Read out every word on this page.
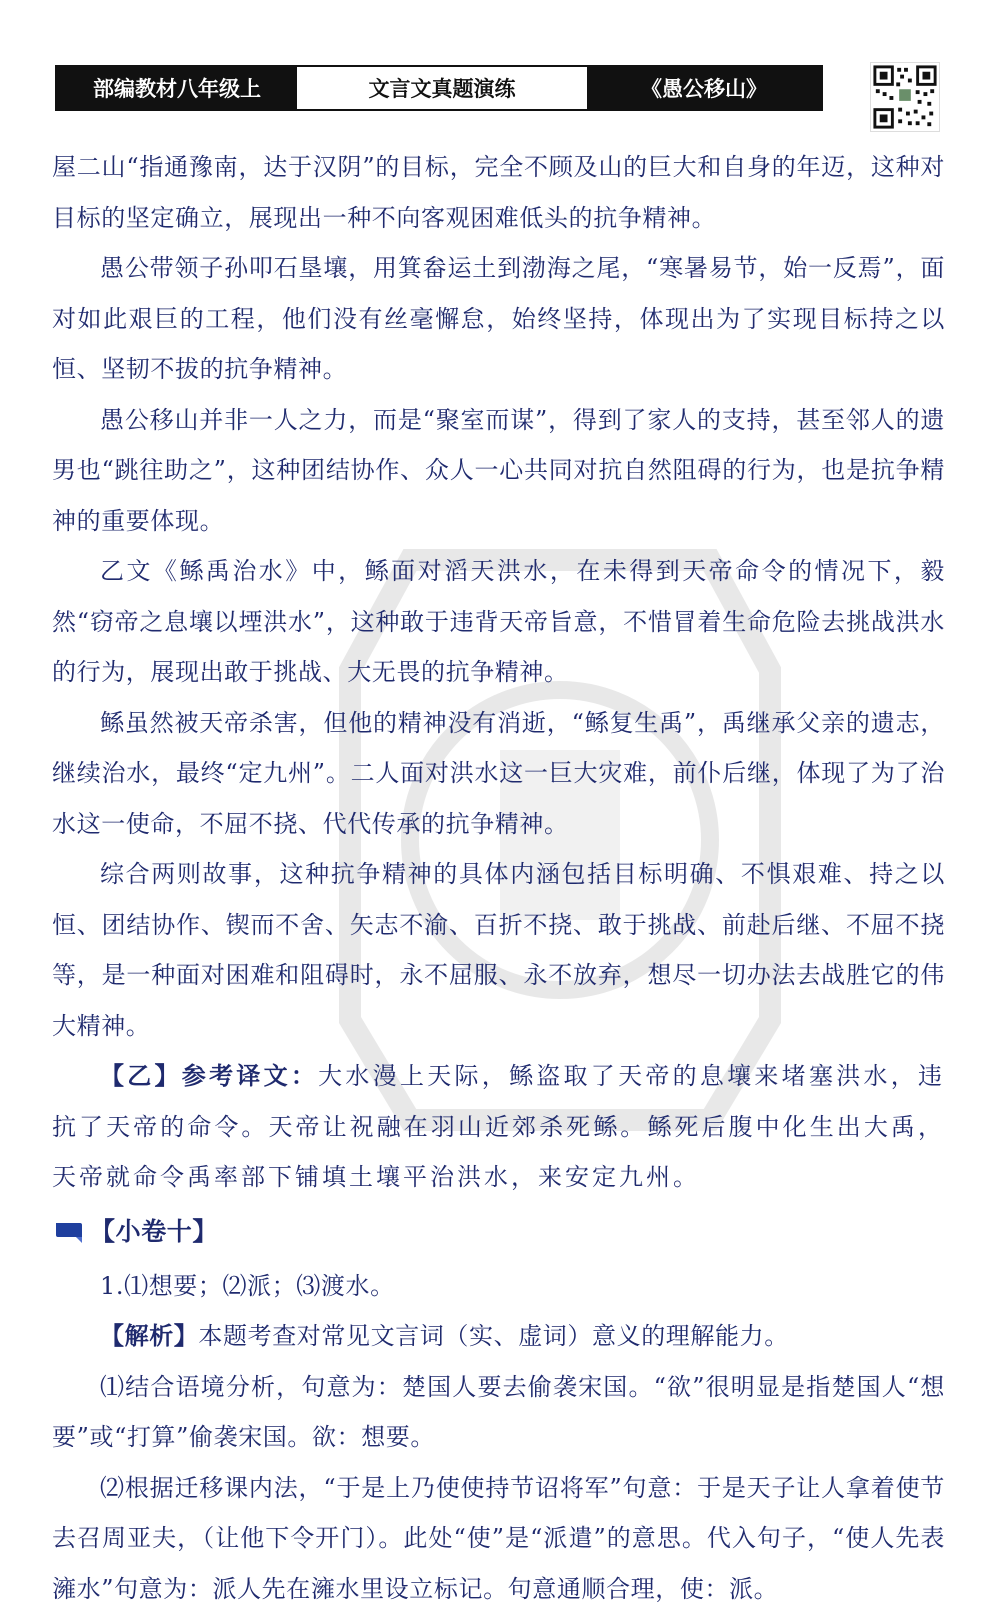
部编教材八年级上	文言文真题演练	《愚公移山》

屋二山“指通豫南，达于汉阴”的目标，完全不顾及山的巨大和自身的年迈，这种对目标的坚定确立，展现出一种不向客观困难低头的抗争精神。

愚公带领子孙叩石垦壤，用箕畚运土到渤海之尾，“寒暑易节，始一反焉”，面对如此艰巨的工程，他们没有丝毫懈怠，始终坚持，体现出为了实现目标持之以恒、坚韧不拔的抗争精神。

愚公移山并非一人之力，而是“聚室而谋”，得到了家人的支持，甚至邻人的遗男也“跳往助之”，这种团结协作、众人一心共同对抗自然阻碍的行为，也是抗争精神的重要体现。

乙文《鲧禹治水》中，鲧面对滔天洪水，在未得到天帝命令的情况下，毅然“窃帝之息壤以堙洪水”，这种敢于违背天帝旨意，不惜冒着生命危险去挑战洪水的行为，展现出敢于挑战、大无畏的抗争精神。

鲧虽然被天帝杀害，但他的精神没有消逝，“鲧复生禹”，禹继承父亲的遗志，继续治水，最终“定九州”。二人面对洪水这一巨大灾难，前仆后继，体现了为了治水这一使命，不屈不挠、代代传承的抗争精神。

综合两则故事，这种抗争精神的具体内涵包括目标明确、不惧艰难、持之以恒、团结协作、锲而不舍、矢志不渝、百折不挠、敢于挑战、前赴后继、不屈不挠等，是一种面对困难和阻碍时，永不屈服、永不放弃，想尽一切办法去战胜它的伟大精神。

【乙】参考译文：大水漫上天际，鲧盗取了天帝的息壤来堵塞洪水，违抗了天帝的命令。天帝让祝融在羽山近郊杀死鲧。鲧死后腹中化生出大禹，天帝就命令禹率部下铺填土壤平治洪水，来安定九州。

【小卷十】

1.⑴想要；⑵派；⑶渡水。

【解析】本题考查对常见文言词（实、虚词）意义的理解能力。

⑴结合语境分析，句意为：楚国人要去偷袭宋国。“欲”很明显是指楚国人“想要”或“打算”偷袭宋国。欲：想要。

⑵根据迁移课内法，“于是上乃使使持节诏将军”句意：于是天子让人拿着使节去召周亚夫，（让他下令开门）。此处“使”是“派遣”的意思。代入句子，“使人先表澭水”句意为：派人先在澭水里设立标记。句意通顺合理，使：派。
